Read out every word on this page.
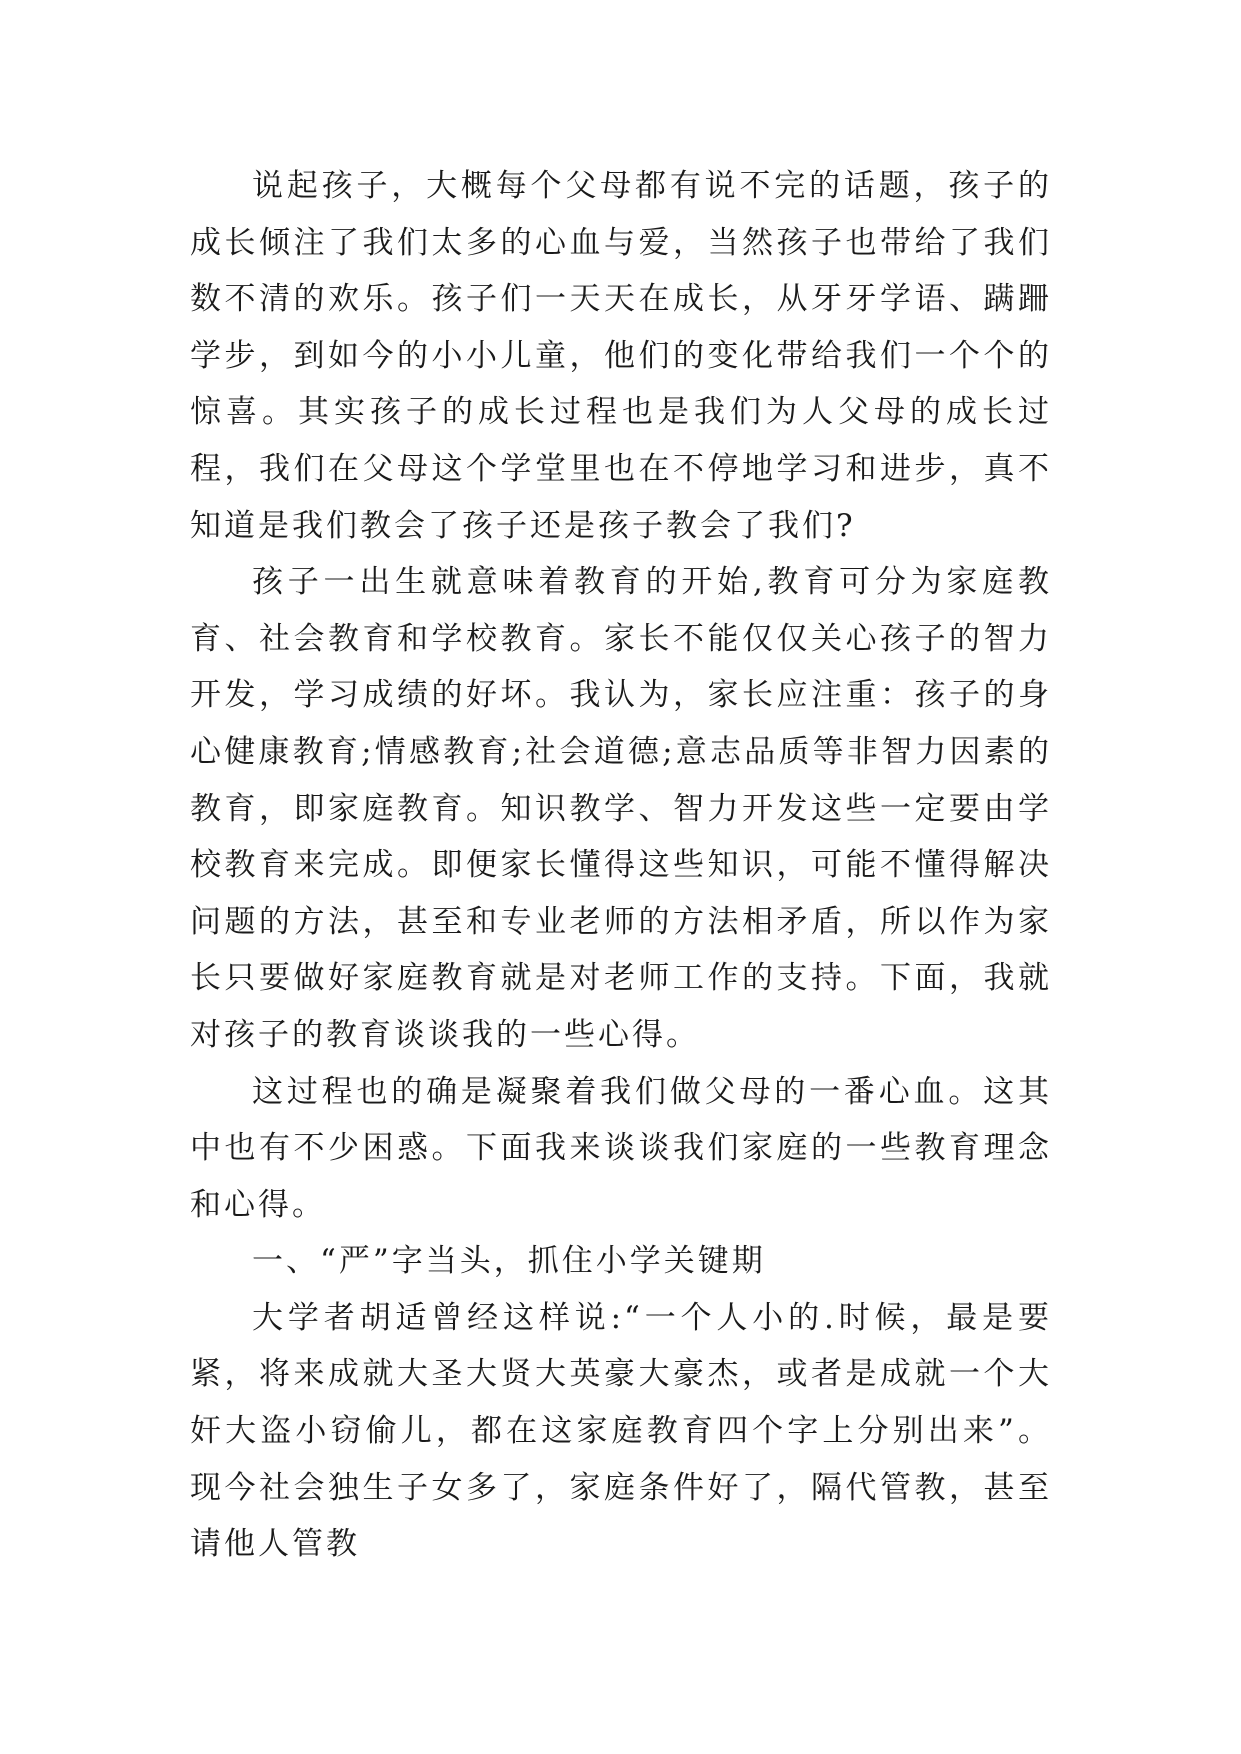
说起孩子，大概每个父母都有说不完的话题，孩子的成长倾注了我们太多的心血与爱，当然孩子也带给了我们数不清的欢乐。孩子们一天天在成长，从牙牙学语、蹒跚学步，到如今的小小儿童，他们的变化带给我们一个个的惊喜。其实孩子的成长过程也是我们为人父母的成长过程，我们在父母这个学堂里也在不停地学习和进步，真不知道是我们教会了孩子还是孩子教会了我们?

孩子一出生就意味着教育的开始,教育可分为家庭教育、社会教育和学校教育。家长不能仅仅关心孩子的智力开发，学习成绩的好坏。我认为，家长应注重：孩子的身心健康教育;情感教育;社会道德;意志品质等非智力因素的教育，即家庭教育。知识教学、智力开发这些一定要由学校教育来完成。即便家长懂得这些知识，可能不懂得解决问题的方法，甚至和专业老师的方法相矛盾，所以作为家长只要做好家庭教育就是对老师工作的支持。下面，我就对孩子的教育谈谈我的一些心得。

这过程也的确是凝聚着我们做父母的一番心血。这其中也有不少困惑。下面我来谈谈我们家庭的一些教育理念和心得。

一、“严”字当头，抓住小学关键期

大学者胡适曾经这样说:“一个人小的.时候，最是要紧，将来成就大圣大贤大英豪大豪杰，或者是成就一个大奸大盗小窃偷儿，都在这家庭教育四个字上分别出来”。现今社会独生子女多了，家庭条件好了，隔代管教，甚至请他人管教
